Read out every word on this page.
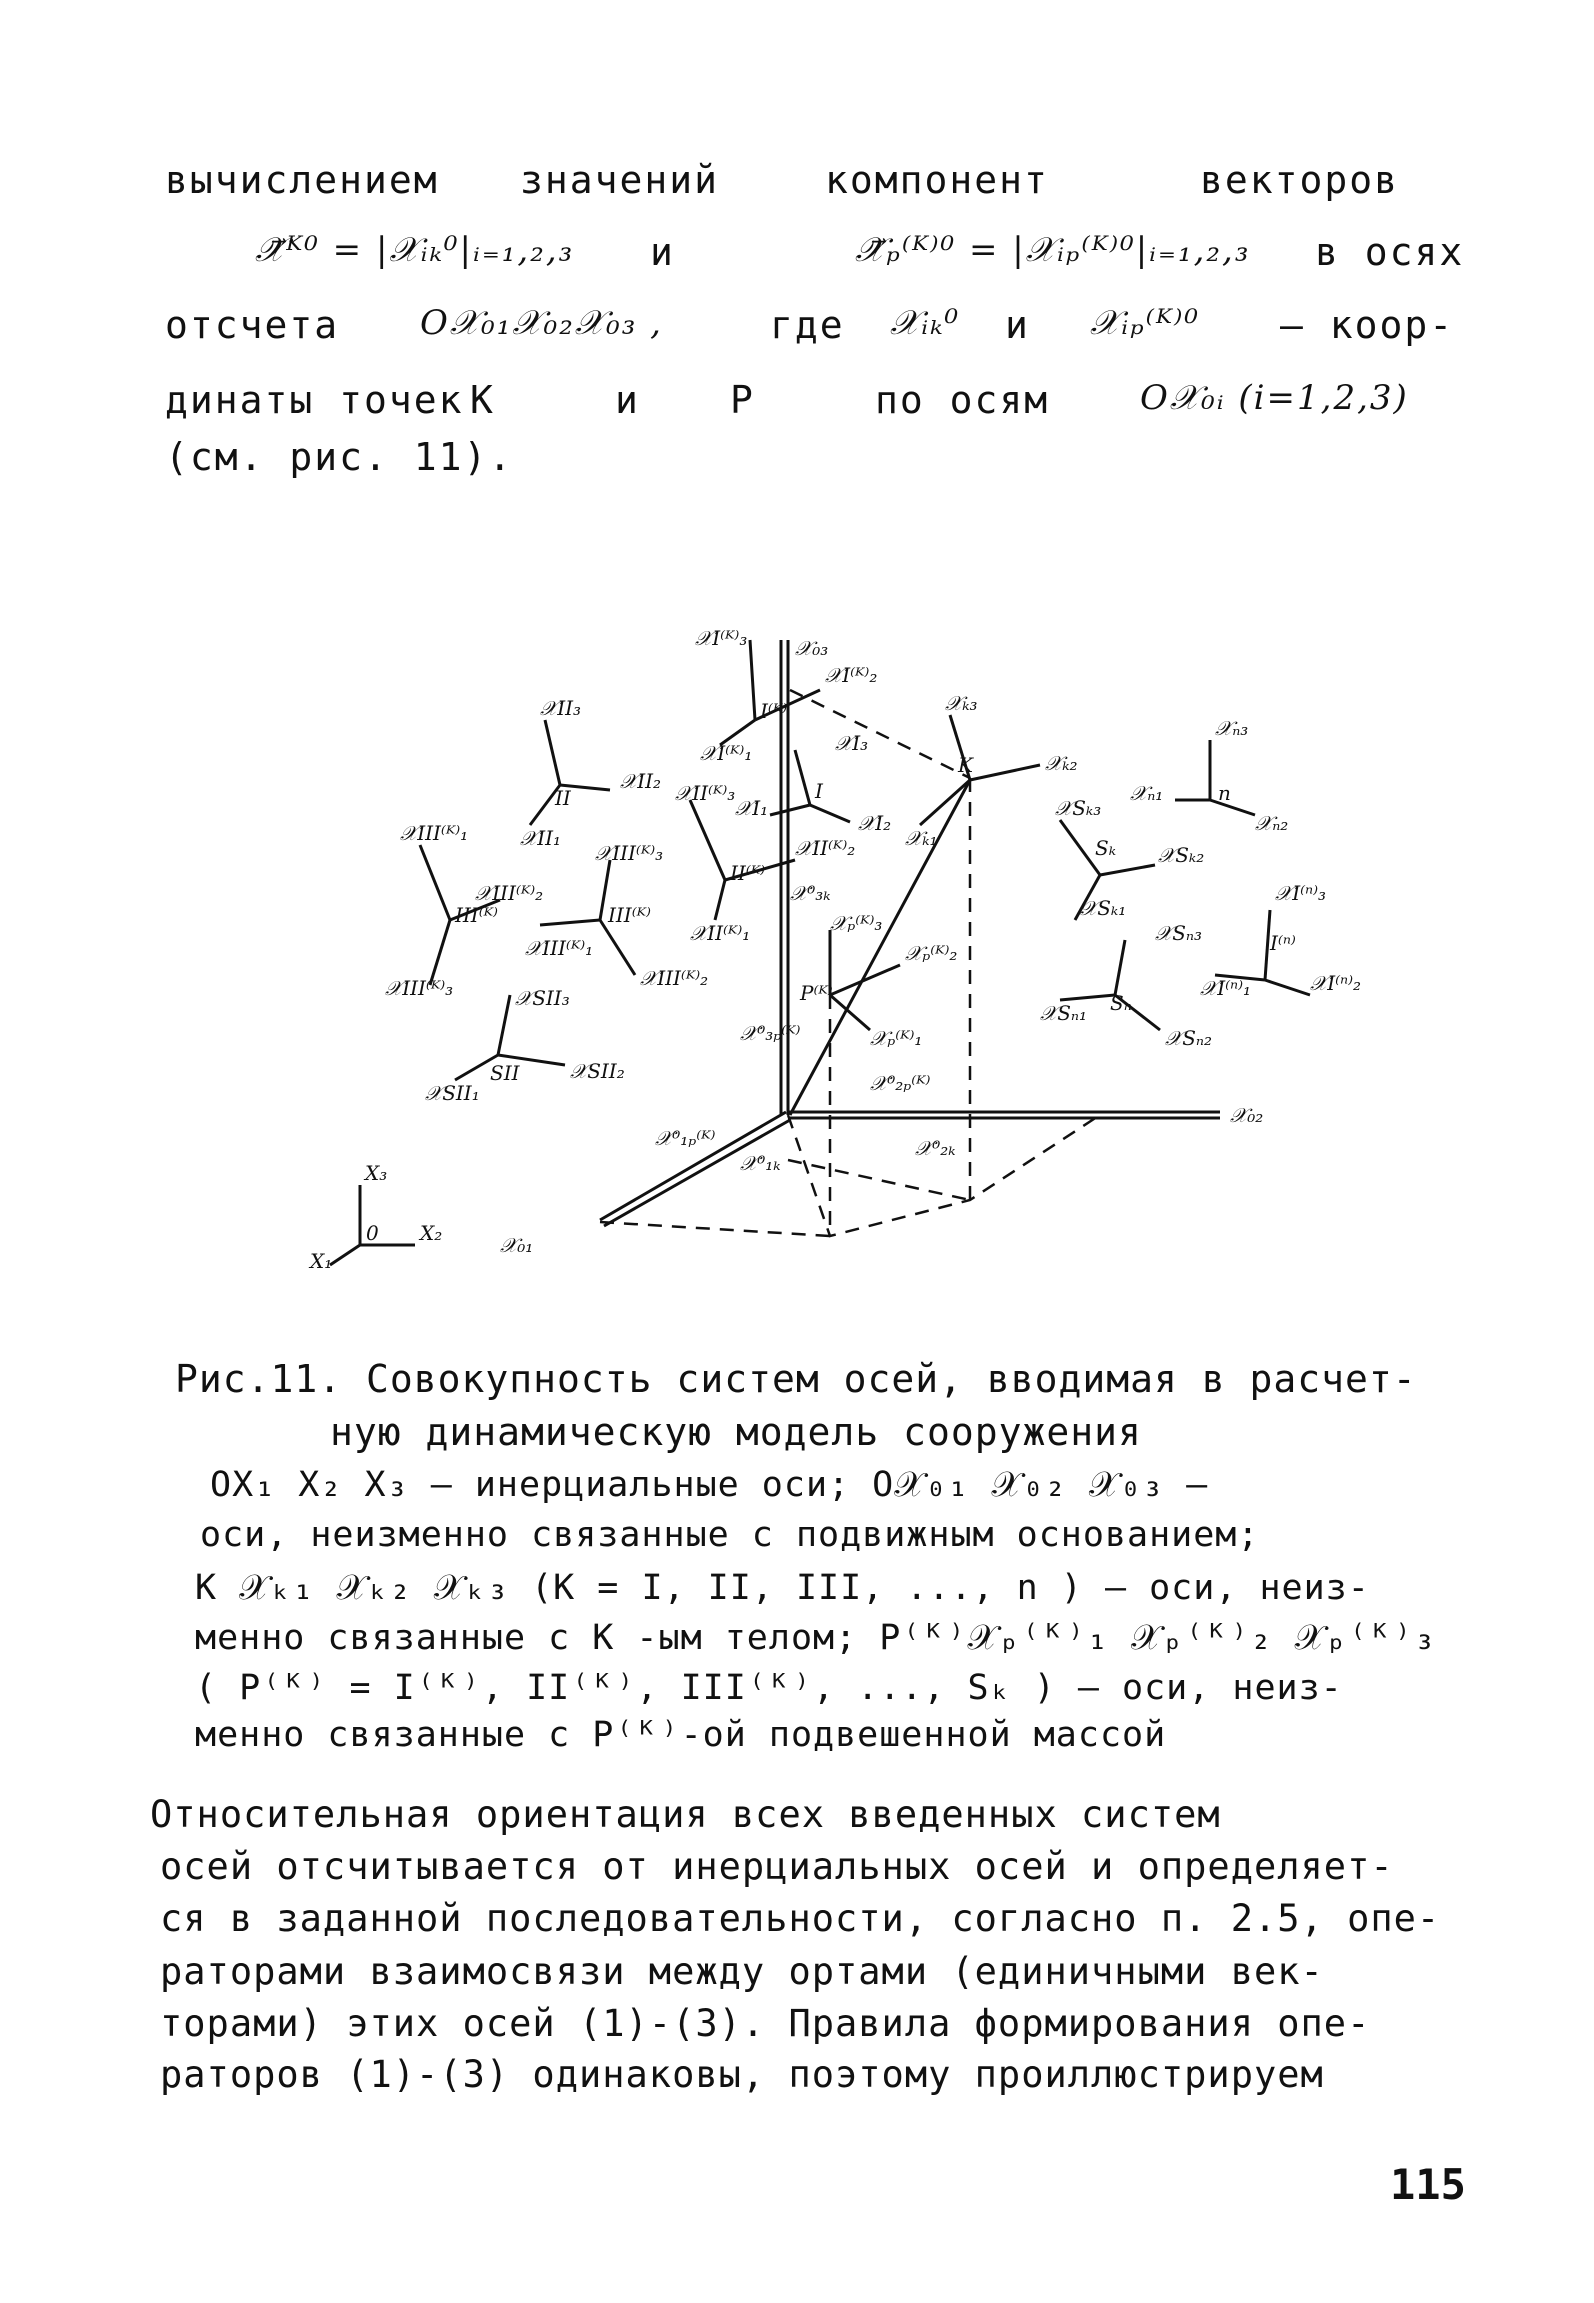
вычислением значений	компонент	векторов
𝒳⃗ᴷ⁰ = |𝒳ᵢₖ⁰|ᵢ₌₁,₂,₃ и	𝒳⃗ₚ⁽ᴷ⁾⁰ = |𝒳ᵢₚ⁽ᴷ⁾⁰|ᵢ₌₁,₂,₃ в осях
отсчета O𝒳₀₁𝒳₀₂𝒳₀₃ ,	где 𝒳ᵢₖ⁰ и 𝒳ᵢₚ⁽ᴷ⁾⁰ – коор-
динаты точек К	и Р	по осям	O𝒳₀ᵢ (i=1,2,3)
(см. рис. 11).
𝒳₀₂
𝒳₀₃
𝒳₀₁
K
𝒳ₖ₁
𝒳ₖ₂
𝒳ₖ₃
I
𝒳I₁
𝒳I₂
𝒳I₃
I⁽ᴷ⁾
𝒳I⁽ᴷ⁾₃
𝒳I⁽ᴷ⁾₂
𝒳I⁽ᴷ⁾₁
II⁽ᴷ⁾
𝒳II⁽ᴷ⁾₃
𝒳II⁽ᴷ⁾₂
𝒳II⁽ᴷ⁾₁
P⁽ᴷ⁾
𝒳ₚ⁽ᴷ⁾₁
𝒳ₚ⁽ᴷ⁾₂
𝒳ₚ⁽ᴷ⁾₃
𝒳⁰₃ₚ⁽ᴷ⁾
𝒳⁰₂ₚ⁽ᴷ⁾
𝒳⁰₁ₚ⁽ᴷ⁾
𝒳⁰₃ₖ
𝒳⁰₂ₖ
𝒳⁰₁ₖ
II
𝒳II₃
𝒳II₂
𝒳II₁
III⁽ᴷ⁾
𝒳III⁽ᴷ⁾₁
𝒳III⁽ᴷ⁾₂
𝒳III⁽ᴷ⁾₃
III⁽ᴷ⁾
𝒳III⁽ᴷ⁾₃
𝒳III⁽ᴷ⁾₁
𝒳III⁽ᴷ⁾₂
SII
𝒳SII₃
𝒳SII₂
𝒳SII₁
Sₖ
𝒳Sₖ₃
𝒳Sₖ₂
𝒳Sₖ₁
Sₙ
𝒳Sₙ₃
𝒳Sₙ₁
𝒳Sₙ₂
n
𝒳ₙ₃
𝒳ₙ₁
𝒳ₙ₂
I⁽ⁿ⁾
𝒳I⁽ⁿ⁾₃
𝒳I⁽ⁿ⁾₁	𝒳I⁽ⁿ⁾₂
X₃
X₂
X₁
0
Рис.11. Совокупность систем осей, вводимая в расчет-
ную динамическую модель сооружения
OX₁ X₂ X₃ – инерциальные оси; O𝒳₀₁ 𝒳₀₂ 𝒳₀₃ –
оси, неизменно связанные с подвижным основанием;
К 𝒳ₖ₁ 𝒳ₖ₂ 𝒳ₖ₃ (К = I, II, III, ..., n ) – оси, неиз-
менно связанные с К -ым телом; Р⁽ᴷ⁾𝒳ₚ⁽ᴷ⁾₁ 𝒳ₚ⁽ᴷ⁾₂ 𝒳ₚ⁽ᴷ⁾₃
( Р⁽ᴷ⁾ = I⁽ᴷ⁾, II⁽ᴷ⁾, III⁽ᴷ⁾, ..., Sₖ ) – оси, неиз-
менно связанные с Р⁽ᴷ⁾-ой подвешенной массой
Относительная ориентация всех введенных систем
осей отсчитывается от инерциальных осей и определяет-
ся в заданной последовательности, согласно п. 2.5, опе-
раторами взаимосвязи между ортами (единичными век-
торами) этих осей (1)-(3). Правила формирования опе-
раторов (1)-(3) одинаковы, поэтому проиллюстрируем
115
